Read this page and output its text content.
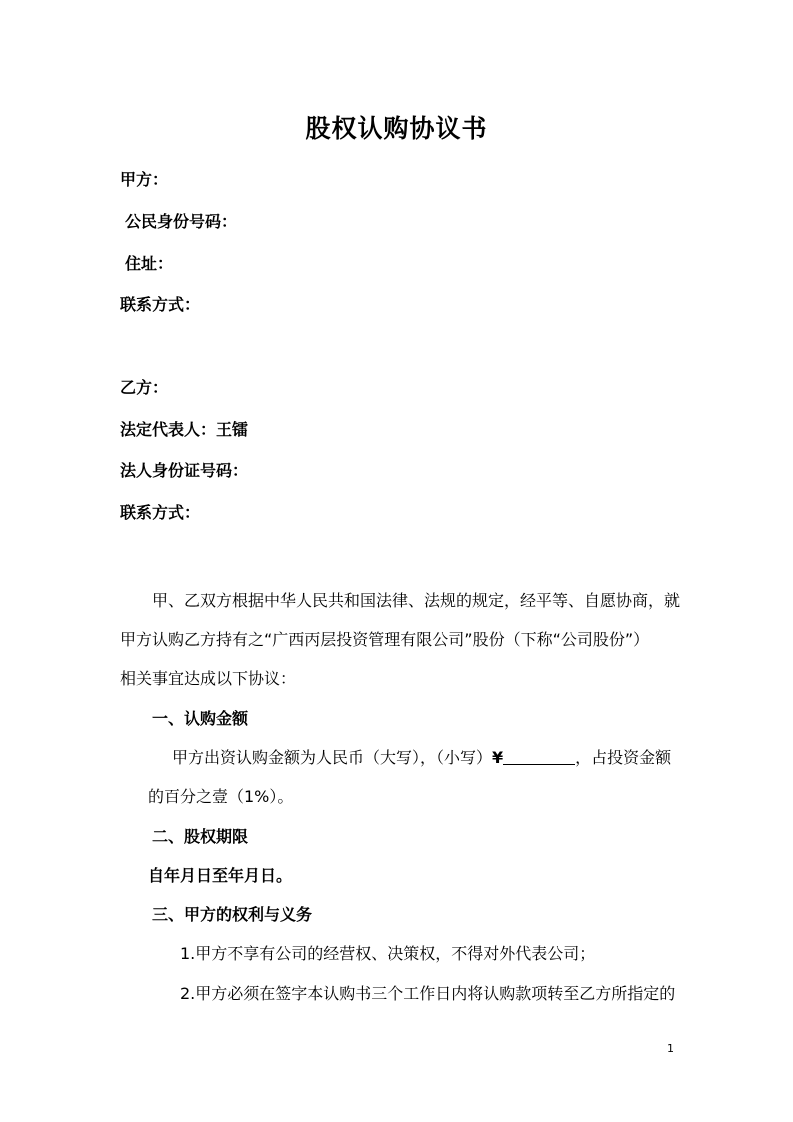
股权认购协议书
甲方：
公民身份号码：
住址：
联系方式：
乙方：
法定代表人：王镭
法人身份证号码：
联系方式：
甲、乙双方根据中华人民共和国法律、法规的规定，经平等、自愿协商，就
甲方认购乙方持有之“广西丙层投资管理有限公司”股份（下称“公司股份”）
相关事宜达成以下协议：
一、认购金额
甲方出资认购金额为人民币（大写），（小写）¥	，占投资金额
的百分之壹（1%）。
二、股权期限
自年月日至年月日。
三、甲方的权利与义务
1.甲方不享有公司的经营权、决策权，不得对外代表公司；
2.甲方必须在签字本认购书三个工作日内将认购款项转至乙方所指定的
1
